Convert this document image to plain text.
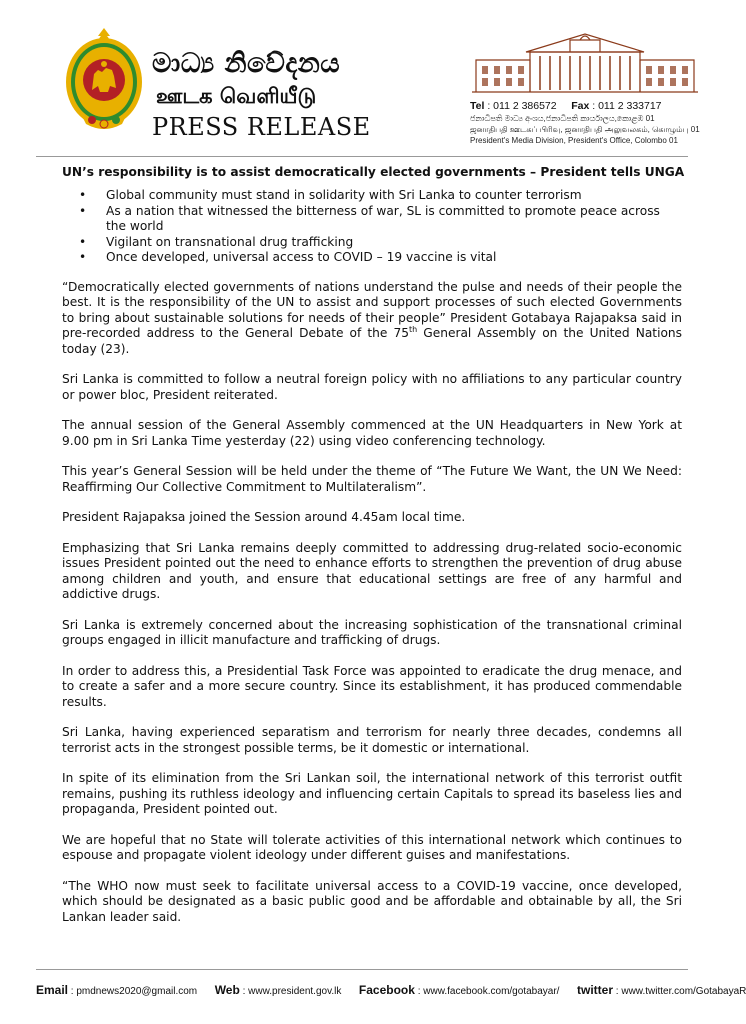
මාධ්‍ය නිවේදනය
ஊடக வெளியீடு
PRESS RELEASE
Tel : 011 2 386572 Fax : 011 2 333717
ජනාධිපති මාධ්‍ය අංශය,ජනාධිපති කාර්යාලය,කොළඹ 01
ஜனாதிபதி ஊடகப் பிரிவு, ஜனாதிபதி அலுவலகம், கொழும்பு 01
President's Media Division, President's Office, Colombo 01
UN’s responsibility is to assist democratically elected governments – President tells UNGA
• Global community must stand in solidarity with Sri Lanka to counter terrorism
• As a nation that witnessed the bitterness of war, SL is committed to promote peace across the world
• Vigilant on transnational drug trafficking
• Once developed, universal access to COVID – 19 vaccine is vital

“Democratically elected governments of nations understand the pulse and needs of their people the best. It is the responsibility of the UN to assist and support processes of such elected Governments to bring about sustainable solutions for needs of their people” President Gotabaya Rajapaksa said in pre-recorded address to the General Debate of the 75th General Assembly on the United Nations today (23).

Sri Lanka is committed to follow a neutral foreign policy with no affiliations to any particular country or power bloc, President reiterated.

The annual session of the General Assembly commenced at the UN Headquarters in New York at 9.00 pm in Sri Lanka Time yesterday (22) using video conferencing technology.

This year’s General Session will be held under the theme of “The Future We Want, the UN We Need: Reaffirming Our Collective Commitment to Multilateralism”.

President Rajapaksa joined the Session around 4.45am local time.

Emphasizing that Sri Lanka remains deeply committed to addressing drug-related socio-economic issues President pointed out the need to enhance efforts to strengthen the prevention of drug abuse among children and youth, and ensure that educational settings are free of any harmful and addictive drugs.

Sri Lanka is extremely concerned about the increasing sophistication of the transnational criminal groups engaged in illicit manufacture and trafficking of drugs.

In order to address this, a Presidential Task Force was appointed to eradicate the drug menace, and to create a safer and a more secure country. Since its establishment, it has produced commendable results.

Sri Lanka, having experienced separatism and terrorism for nearly three decades, condemns all terrorist acts in the strongest possible terms, be it domestic or international.

In spite of its elimination from the Sri Lankan soil, the international network of this terrorist outfit remains, pushing its ruthless ideology and influencing certain Capitals to spread its baseless lies and propaganda, President pointed out.

We are hopeful that no State will tolerate activities of this international network which continues to espouse and propagate violent ideology under different guises and manifestations.

“The WHO now must seek to facilitate universal access to a COVID-19 vaccine, once developed, which should be designated as a basic public good and be affordable and obtainable by all, the Sri Lankan leader said.

Email : pmdnews2020@gmail.com Web : www.president.gov.lk Facebook : www.facebook.com/gotabayar/ twitter : www.twitter.com/GotabayaR
